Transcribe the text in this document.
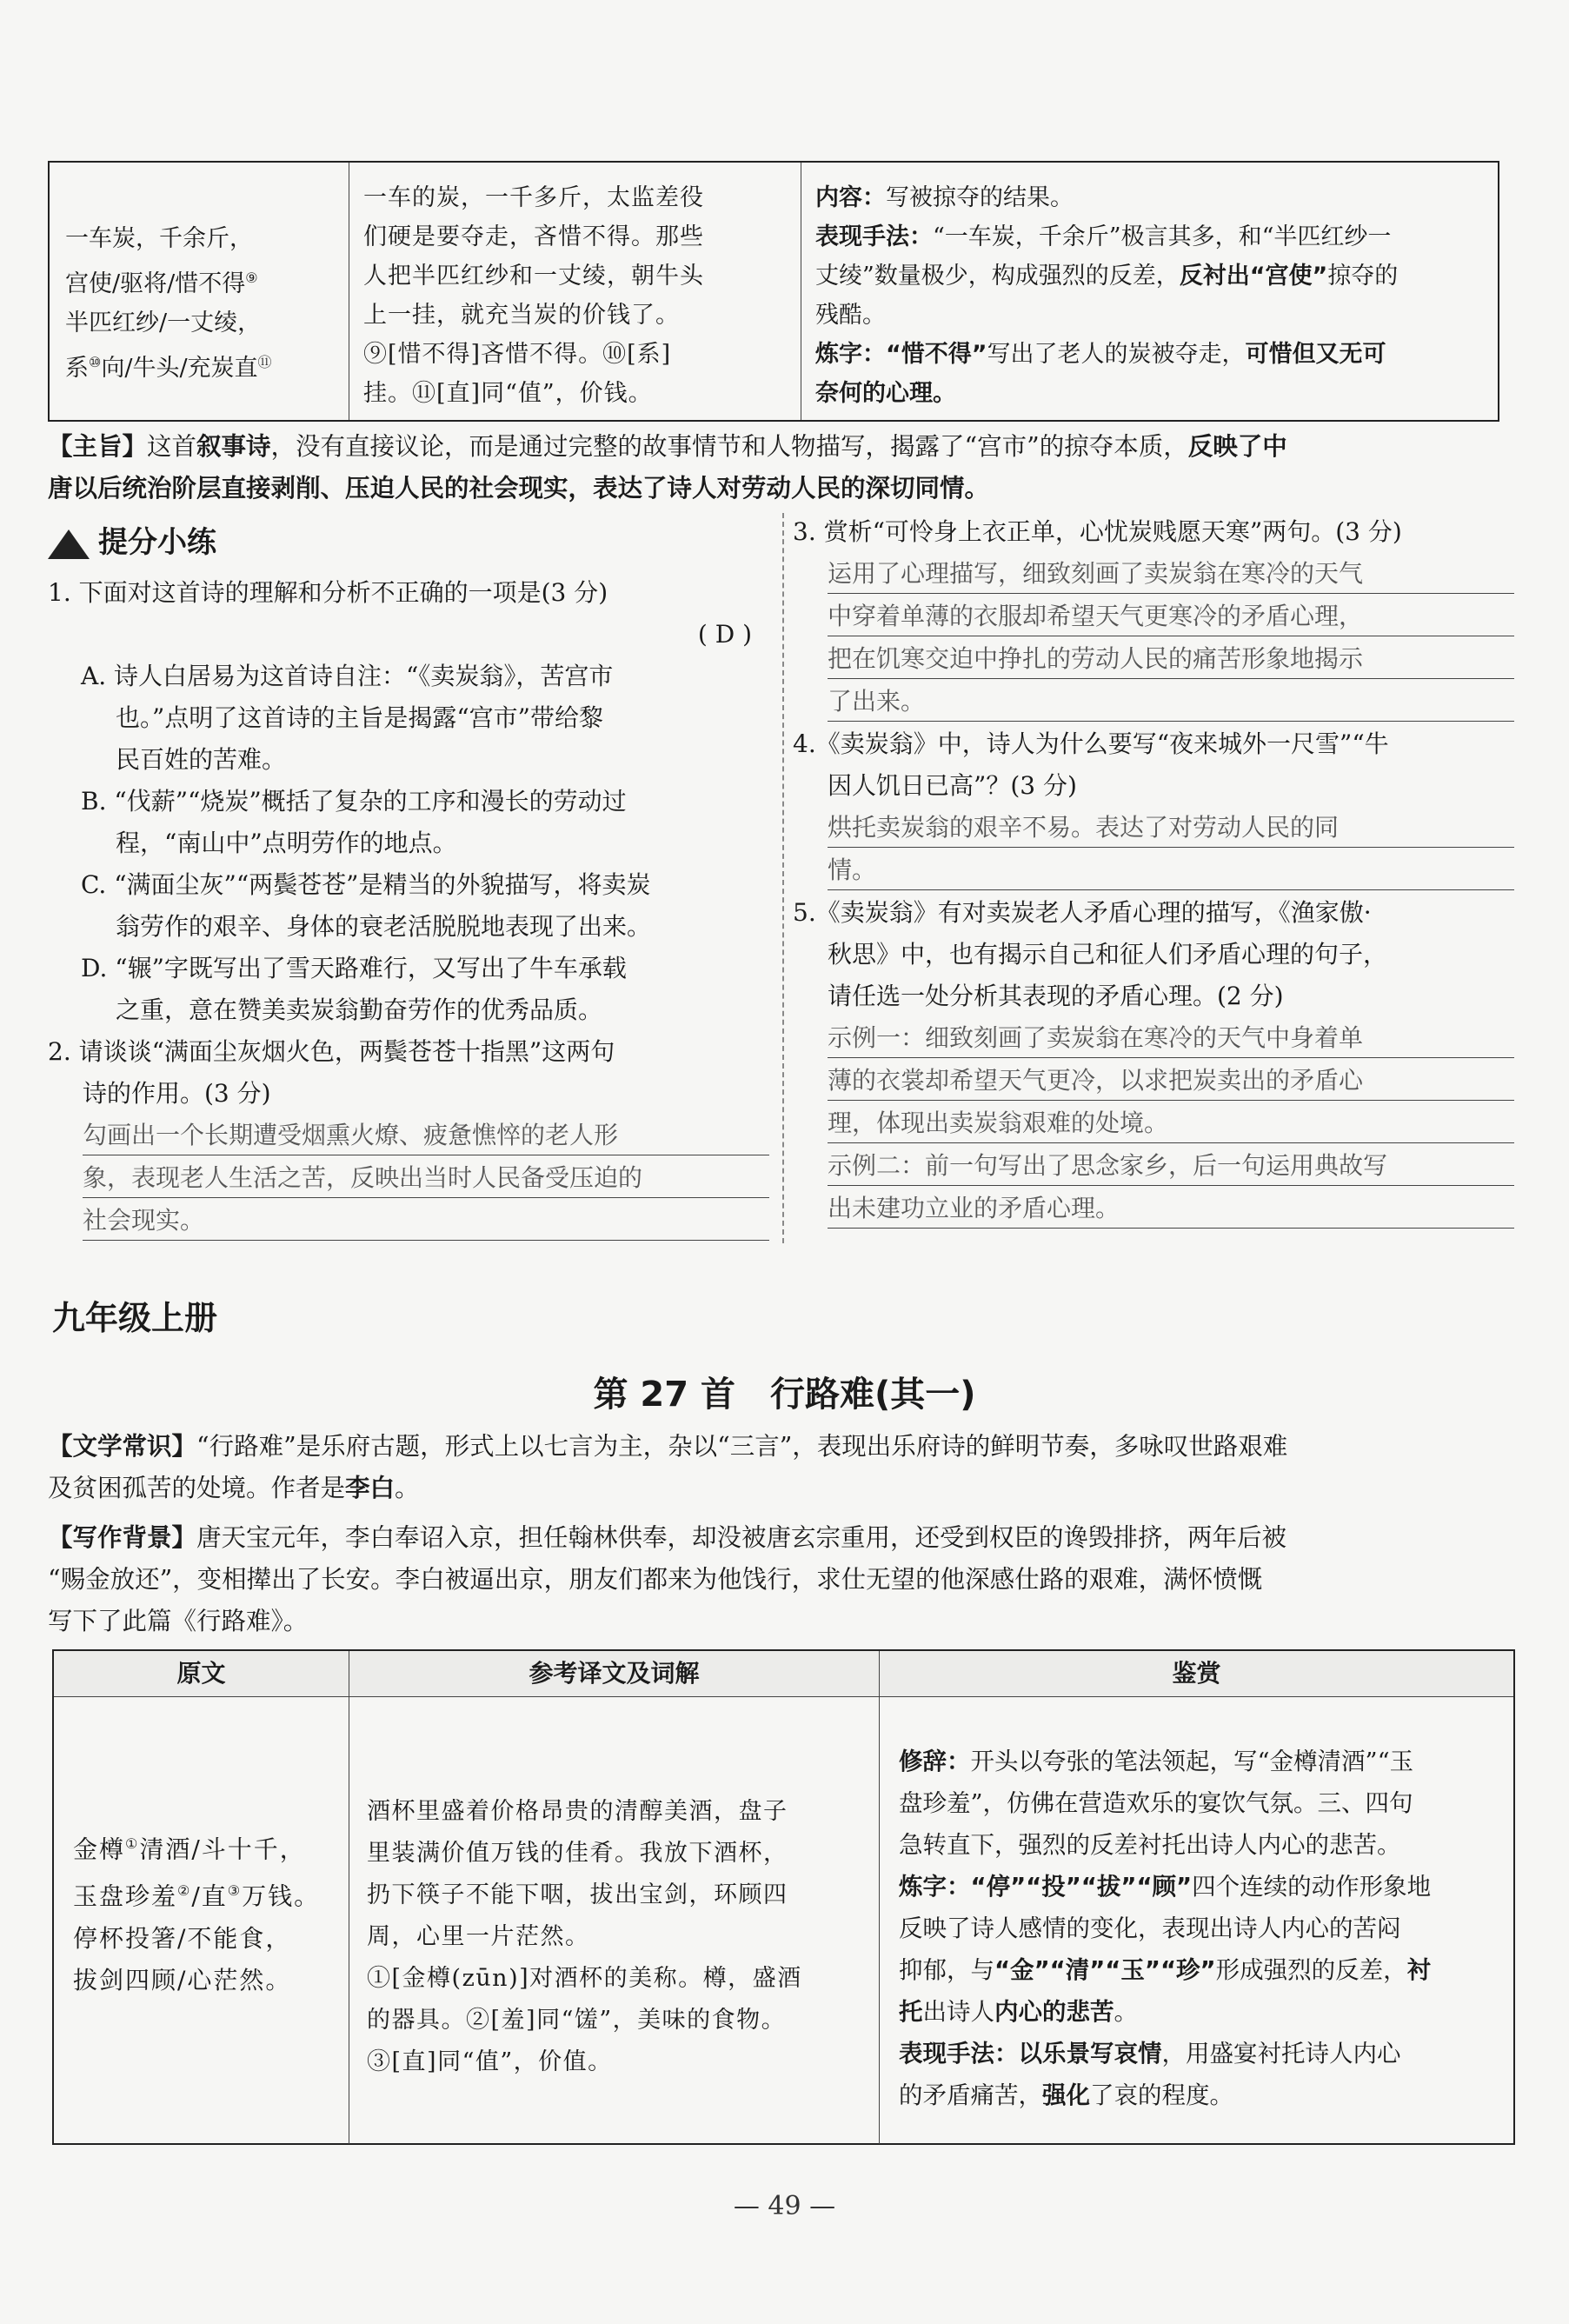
一车炭，千余斤，
宫使/驱将/惜不得⑨
半匹红纱/一丈绫，
系⑩向/牛头/充炭直⑪
一车的炭，一千多斤，太监差役
们硬是要夺走，吝惜不得。那些
人把半匹红纱和一丈绫，朝牛头
上一挂，就充当炭的价钱了。
⑨[惜不得]吝惜不得。⑩[系]
挂。⑪[直]同“值”，价钱。
内容：写被掠夺的结果。
表现手法：“一车炭，千余斤”极言其多，和“半匹红纱一
丈绫”数量极少，构成强烈的反差，反衬出“宫使”掠夺的
残酷。
炼字：“惜不得”写出了老人的炭被夺走，可惜但又无可
奈何的心理。
【主旨】这首叙事诗，没有直接议论，而是通过完整的故事情节和人物描写，揭露了“宫市”的掠夺本质，反映了中
唐以后统治阶层直接剥削、压迫人民的社会现实，表达了诗人对劳动人民的深切同情。

提分小练

1. 下面对这首诗的理解和分析不正确的一项是(3 分)

( D )

A. 诗人白居易为这首诗自注：“《卖炭翁》，苦宫市
也。”点明了这首诗的主旨是揭露“宫市”带给黎
民百姓的苦难。
B. “伐薪”“烧炭”概括了复杂的工序和漫长的劳动过
程，“南山中”点明劳作的地点。
C. “满面尘灰”“两鬓苍苍”是精当的外貌描写，将卖炭
翁劳作的艰辛、身体的衰老活脱脱地表现了出来。
D. “辗”字既写出了雪天路难行，又写出了牛车承载
之重，意在赞美卖炭翁勤奋劳作的优秀品质。

2. 请谈谈“满面尘灰烟火色，两鬓苍苍十指黑”这两句

诗的作用。(3 分)

勾画出一个长期遭受烟熏火燎、疲惫憔悴的老人形
象，表现老人生活之苦，反映出当时人民备受压迫的
社会现实。

3. 赏析“可怜身上衣正单，心忧炭贱愿天寒”两句。(3 分)

运用了心理描写，细致刻画了卖炭翁在寒冷的天气
中穿着单薄的衣服却希望天气更寒冷的矛盾心理，
把在饥寒交迫中挣扎的劳动人民的痛苦形象地揭示
了出来。

4.《卖炭翁》中，诗人为什么要写“夜来城外一尺雪”“牛

因人饥日已高”？(3 分)

烘托卖炭翁的艰辛不易。表达了对劳动人民的同
情。

5.《卖炭翁》有对卖炭老人矛盾心理的描写，《渔家傲·

秋思》中，也有揭示自己和征人们矛盾心理的句子，

请任选一处分析其表现的矛盾心理。(2 分)

示例一：细致刻画了卖炭翁在寒冷的天气中身着单
薄的衣裳却希望天气更冷，以求把炭卖出的矛盾心
理，体现出卖炭翁艰难的处境。
示例二：前一句写出了思念家乡，后一句运用典故写
出未建功立业的矛盾心理。
九年级上册
第 27 首　行路难(其一)
【文学常识】“行路难”是乐府古题，形式上以七言为主，杂以“三言”，表现出乐府诗的鲜明节奏，多咏叹世路艰难
及贫困孤苦的处境。作者是李白。
【写作背景】唐天宝元年，李白奉诏入京，担任翰林供奉，却没被唐玄宗重用，还受到权臣的谗毁排挤，两年后被
“赐金放还”，变相撵出了长安。李白被逼出京，朋友们都来为他饯行，求仕无望的他深感仕路的艰难，满怀愤慨
写下了此篇《行路难》。
原文	参考译文及词解	鉴赏
金樽①清酒/斗十千，
玉盘珍羞②/直③万钱。
停杯投箸/不能食，
拔剑四顾/心茫然。
酒杯里盛着价格昂贵的清醇美酒，盘子
里装满价值万钱的佳肴。我放下酒杯，
扔下筷子不能下咽，拔出宝剑，环顾四
周，心里一片茫然。
①[金樽(zūn)]对酒杯的美称。樽，盛酒
的器具。②[羞]同“馐”，美味的食物。
③[直]同“值”，价值。
修辞：开头以夸张的笔法领起，写“金樽清酒”“玉
盘珍羞”，仿佛在营造欢乐的宴饮气氛。三、四句
急转直下，强烈的反差衬托出诗人内心的悲苦。
炼字：“停”“投”“拔”“顾”四个连续的动作形象地
反映了诗人感情的变化，表现出诗人内心的苦闷
抑郁，与“金”“清”“玉”“珍”形成强烈的反差，衬
托出诗人内心的悲苦。
表现手法：以乐景写哀情，用盛宴衬托诗人内心
的矛盾痛苦，强化了哀的程度。
— 49 —
